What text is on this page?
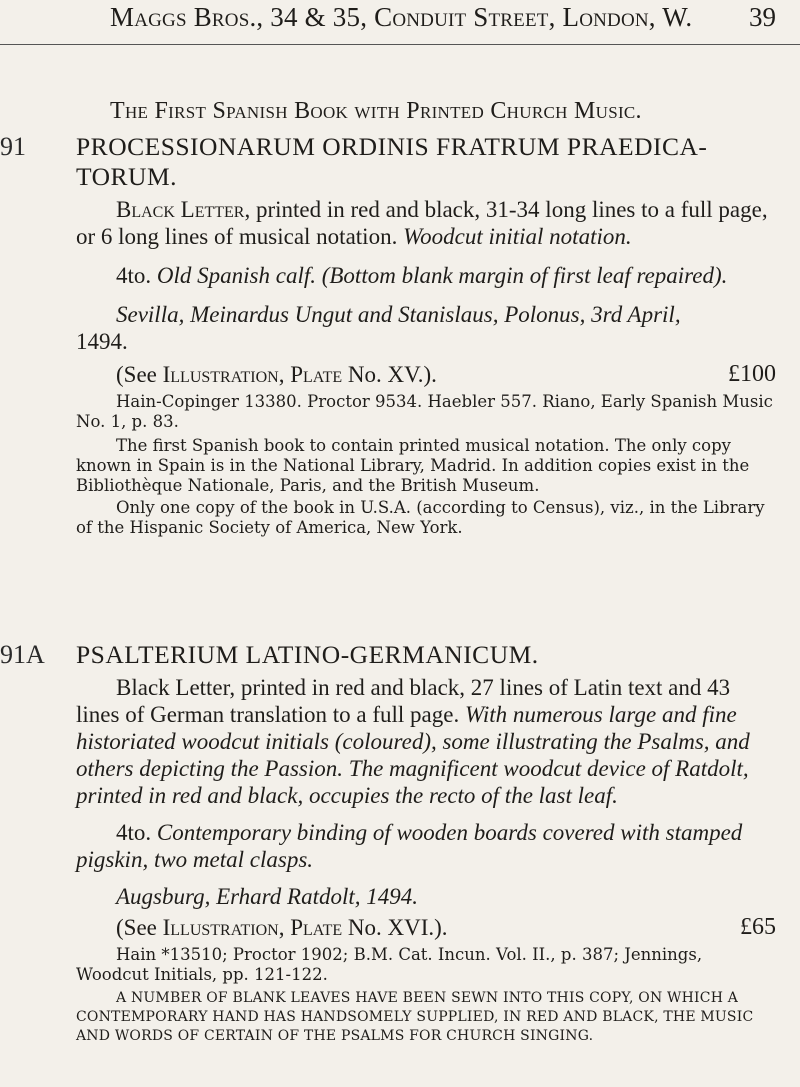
Maggs Bros., 34 & 35, Conduit Street, London, W.	39
The First Spanish Book with Printed Church Music.
91	PROCESSIONARUM ORDINIS FRATRUM PRAEDICA-TORUM.

Black Letter, printed in red and black, 31-34 long lines to a full page, or 6 long lines of musical notation. Woodcut initial notation.

4to. Old Spanish calf. (Bottom blank margin of first leaf repaired).

Sevilla, Meinardus Ungut and Stanislaus, Polonus, 3rd April,

1494.

(See Illustration, Plate No. XV.).	£100

Hain-Copinger 13380. Proctor 9534. Haebler 557. Riano, Early Spanish Music No. 1, p. 83.

The first Spanish book to contain printed musical notation. The only copy known in Spain is in the National Library, Madrid. In addition copies exist in the Bibliothèque Nationale, Paris, and the British Museum.

Only one copy of the book in U.S.A. (according to Census), viz., in the Library of the Hispanic Society of America, New York.

91A	PSALTERIUM LATINO-GERMANICUM.

Black Letter, printed in red and black, 27 lines of Latin text and 43 lines of German translation to a full page. With numerous large and fine historiated woodcut initials (coloured), some illustrating the Psalms, and others depicting the Passion. The magnificent woodcut device of Ratdolt, printed in red and black, occupies the recto of the last leaf.

4to. Contemporary binding of wooden boards covered with stamped pigskin, two metal clasps.

Augsburg, Erhard Ratdolt, 1494.

(See Illustration, Plate No. XVI.).	£65

Hain *13510; Proctor 1902; B.M. Cat. Incun. Vol. II., p. 387; Jennings, Woodcut Initials, pp. 121-122.

A NUMBER OF BLANK LEAVES HAVE BEEN SEWN INTO THIS COPY, ON WHICH A CONTEMPORARY HAND HAS HANDSOMELY SUPPLIED, IN RED AND BLACK, THE MUSIC AND WORDS OF CERTAIN OF THE PSALMS FOR CHURCH SINGING.
